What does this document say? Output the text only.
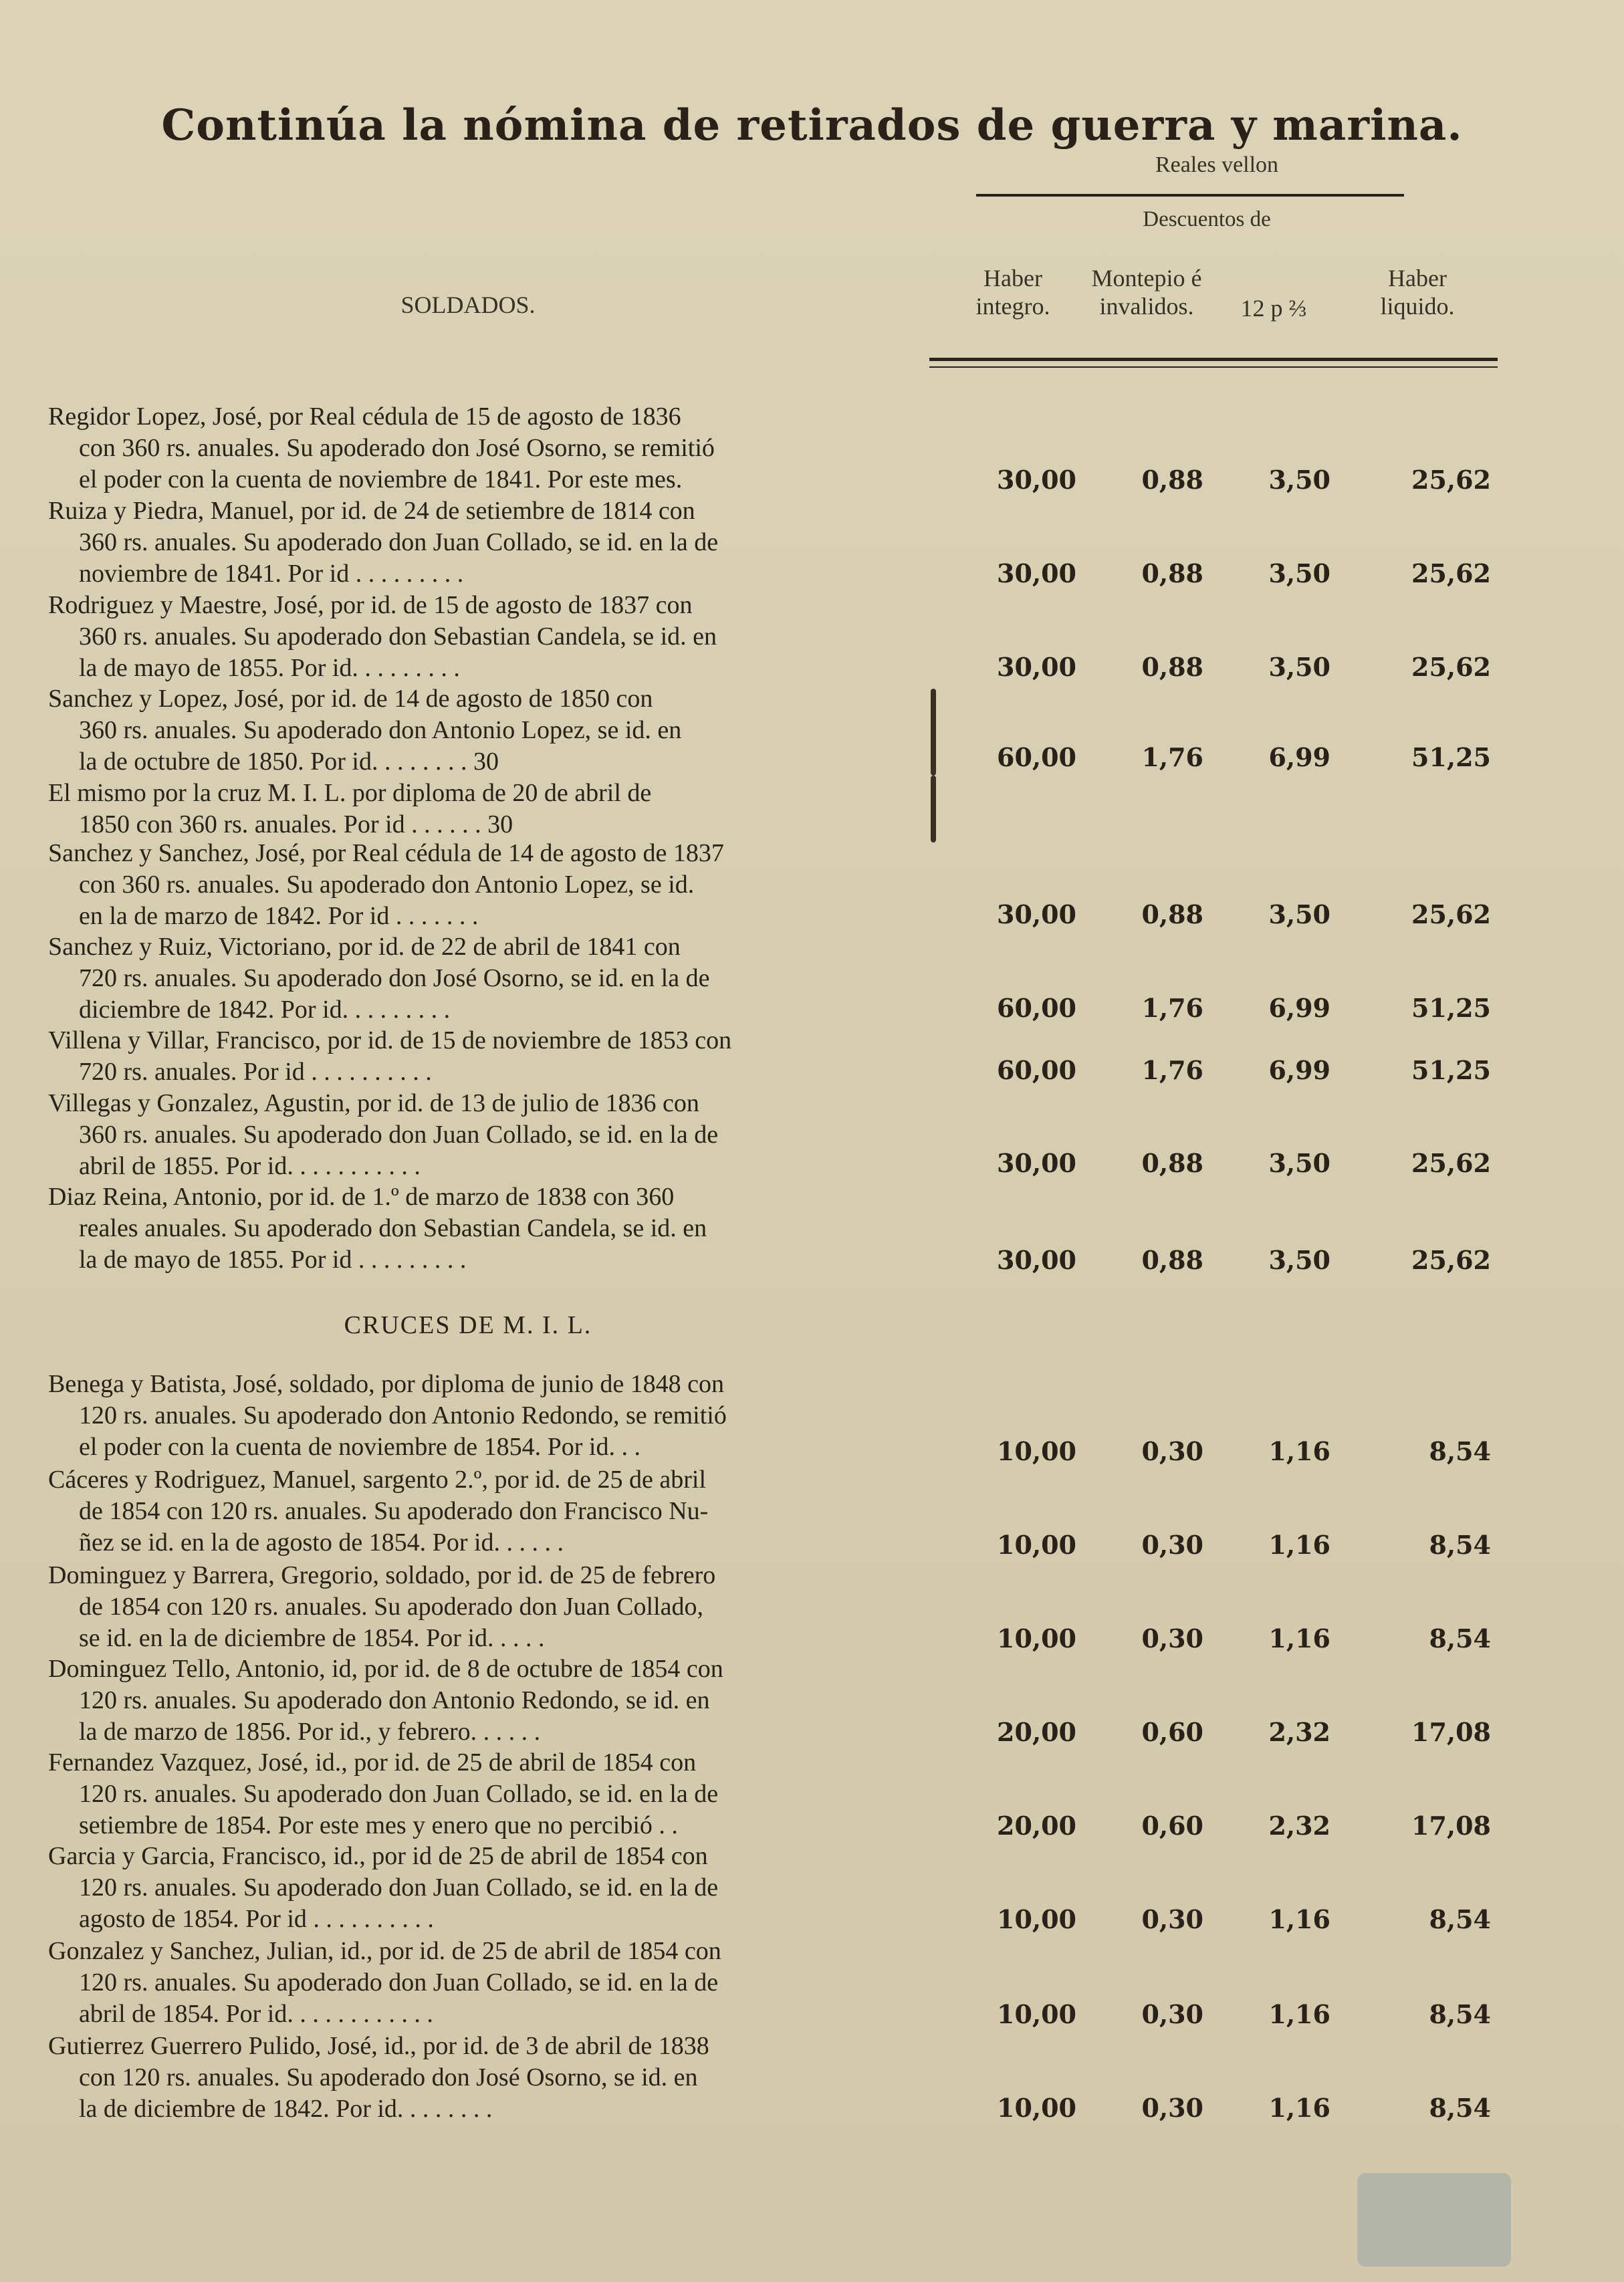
Continúa la nómina de retirados de guerra y marina.
Reales vellon
Descuentos de
SOLDADOS.
Haber
integro.
Montepio é
invalidos.	12 p ⅔
Haber
liquido.
Regidor Lopez, José, por Real cédula de 15 de agosto de 1836
con 360 rs. anuales. Su apoderado don José Osorno, se remitió
el poder con la cuenta de noviembre de 1841. Por este mes.	30,00	0,88	3,50	25,62
Ruiza y Piedra, Manuel, por id. de 24 de setiembre de 1814 con
360 rs. anuales. Su apoderado don Juan Collado, se id. en la de
noviembre de 1841. Por id . . . . . . . . .	30,00	0,88	3,50	25,62
Rodriguez y Maestre, José, por id. de 15 de agosto de 1837 con
360 rs. anuales. Su apoderado don Sebastian Candela, se id. en
la de mayo de 1855. Por id. . . . . . . . .	30,00	0,88	3,50	25,62
Sanchez y Lopez, José, por id. de 14 de agosto de 1850 con
360 rs. anuales. Su apoderado don Antonio Lopez, se id. en
la de octubre de 1850. Por id. . . . . . . . 30	60,00	1,76	6,99	51,25
El mismo por la cruz M. I. L. por diploma de 20 de abril de
1850 con 360 rs. anuales. Por id . . . . . . 30
Sanchez y Sanchez, José, por Real cédula de 14 de agosto de 1837
con 360 rs. anuales. Su apoderado don Antonio Lopez, se id.
en la de marzo de 1842. Por id . . . . . . .	30,00	0,88	3,50	25,62
Sanchez y Ruiz, Victoriano, por id. de 22 de abril de 1841 con
720 rs. anuales. Su apoderado don José Osorno, se id. en la de
diciembre de 1842. Por id. . . . . . . . .	60,00	1,76	6,99	51,25
Villena y Villar, Francisco, por id. de 15 de noviembre de 1853 con
720 rs. anuales. Por id . . . . . . . . . .	60,00	1,76	6,99	51,25
Villegas y Gonzalez, Agustin, por id. de 13 de julio de 1836 con
360 rs. anuales. Su apoderado don Juan Collado, se id. en la de
abril de 1855. Por id. . . . . . . . . . .	30,00	0,88	3,50	25,62
Diaz Reina, Antonio, por id. de 1.º de marzo de 1838 con 360
reales anuales. Su apoderado don Sebastian Candela, se id. en
la de mayo de 1855. Por id . . . . . . . . .	30,00	0,88	3,50	25,62
CRUCES DE M. I. L.
Benega y Batista, José, soldado, por diploma de junio de 1848 con
120 rs. anuales. Su apoderado don Antonio Redondo, se remitió
el poder con la cuenta de noviembre de 1854. Por id. . .	10,00	0,30	1,16	8,54
Cáceres y Rodriguez, Manuel, sargento 2.º, por id. de 25 de abril
de 1854 con 120 rs. anuales. Su apoderado don Francisco Nu-
ñez se id. en la de agosto de 1854. Por id. . . . . .	10,00	0,30	1,16	8,54
Dominguez y Barrera, Gregorio, soldado, por id. de 25 de febrero
de 1854 con 120 rs. anuales. Su apoderado don Juan Collado,
se id. en la de diciembre de 1854. Por id. . . . .	10,00	0,30	1,16	8,54
Dominguez Tello, Antonio, id, por id. de 8 de octubre de 1854 con
120 rs. anuales. Su apoderado don Antonio Redondo, se id. en
la de marzo de 1856. Por id., y febrero. . . . . .	20,00	0,60	2,32	17,08
Fernandez Vazquez, José, id., por id. de 25 de abril de 1854 con
120 rs. anuales. Su apoderado don Juan Collado, se id. en la de
setiembre de 1854. Por este mes y enero que no percibió . .	20,00	0,60	2,32	17,08
Garcia y Garcia, Francisco, id., por id de 25 de abril de 1854 con
120 rs. anuales. Su apoderado don Juan Collado, se id. en la de
agosto de 1854. Por id . . . . . . . . . .	10,00	0,30	1,16	8,54
Gonzalez y Sanchez, Julian, id., por id. de 25 de abril de 1854 con
120 rs. anuales. Su apoderado don Juan Collado, se id. en la de
abril de 1854. Por id. . . . . . . . . . . .	10,00	0,30	1,16	8,54
Gutierrez Guerrero Pulido, José, id., por id. de 3 de abril de 1838
con 120 rs. anuales. Su apoderado don José Osorno, se id. en
la de diciembre de 1842. Por id. . . . . . . .	10,00	0,30	1,16	8,54
